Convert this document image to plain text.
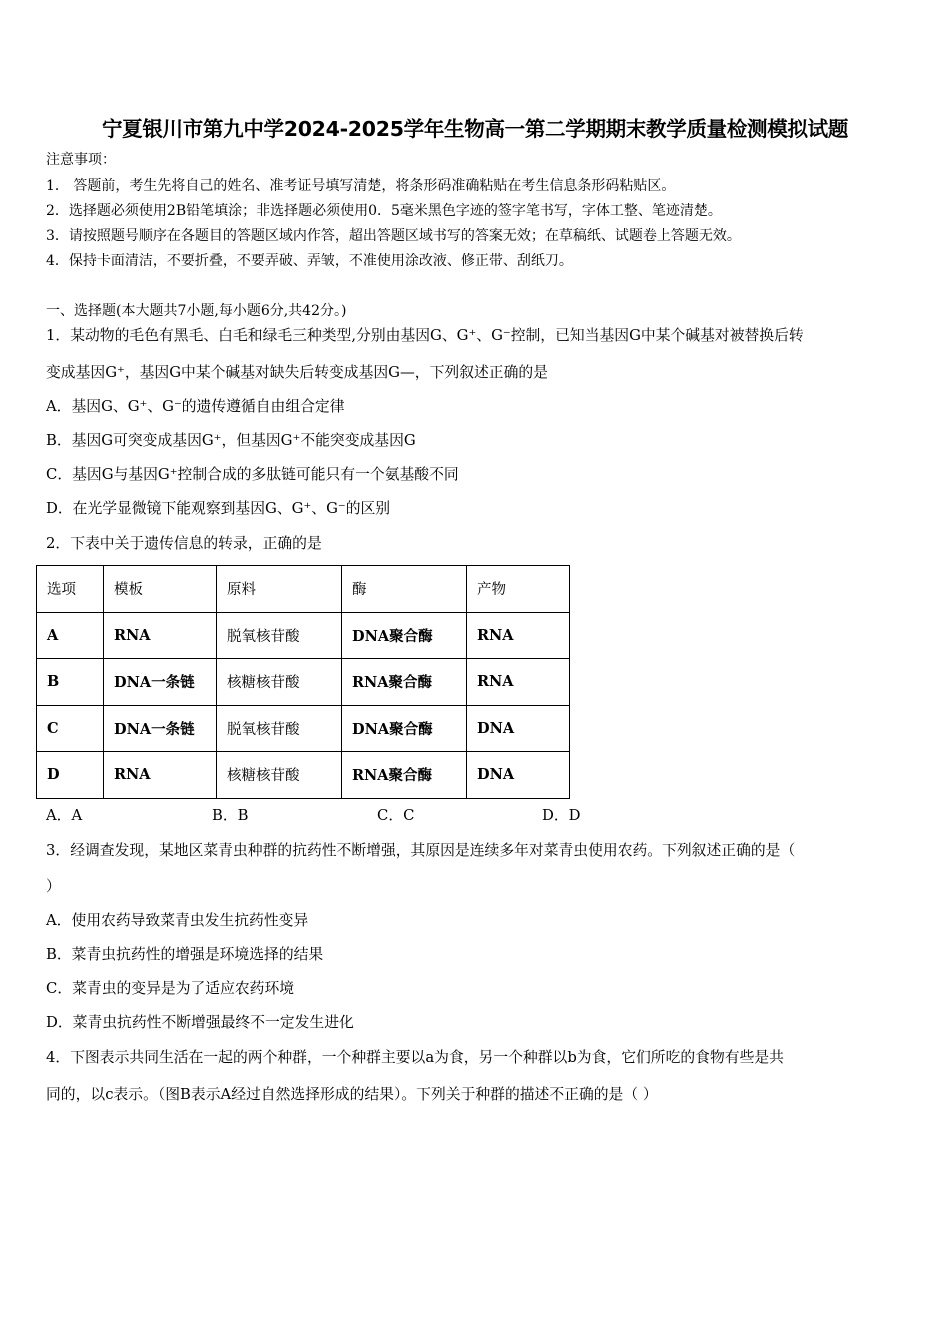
宁夏银川市第九中学2024-2025学年生物高一第二学期期末教学质量检测模拟试题
注意事项：
1． 答题前，考生先将自己的姓名、准考证号填写清楚，将条形码准确粘贴在考生信息条形码粘贴区。
2．选择题必须使用2B铅笔填涂；非选择题必须使用0．5毫米黑色字迹的签字笔书写，字体工整、笔迹清楚。
3．请按照题号顺序在各题目的答题区域内作答，超出答题区域书写的答案无效；在草稿纸、试题卷上答题无效。
4．保持卡面清洁，不要折叠，不要弄破、弄皱，不准使用涂改液、修正带、刮纸刀。
一、选择题(本大题共7小题,每小题6分,共42分。)
1．某动物的毛色有黑毛、白毛和绿毛三种类型,分别由基因G、G⁺、G⁻控制，已知当基因G中某个碱基对被替换后转
变成基因G⁺，基因G中某个碱基对缺失后转变成基因G—，下列叙述正确的是
A．基因G、G⁺、G⁻的遗传遵循自由组合定律
B．基因G可突变成基因G⁺，但基因G⁺不能突变成基因G
C．基因G与基因G⁺控制合成的多肽链可能只有一个氨基酸不同
D．在光学显微镜下能观察到基因G、G⁺、G⁻的区别
2．下表中关于遗传信息的转录，正确的是
选项	模板	原料	酶	产物
A	RNA	脱氧核苷酸	DNA聚合酶	RNA
B	DNA一条链	核糖核苷酸	RNA聚合酶	RNA
C	DNA一条链	脱氧核苷酸	DNA聚合酶	DNA
D	RNA	核糖核苷酸	RNA聚合酶	DNA
A．A	B．B	C．C	D．D
3．经调查发现，某地区菜青虫种群的抗药性不断增强，其原因是连续多年对菜青虫使用农药。下列叙述正确的是（
）
A．使用农药导致菜青虫发生抗药性变异
B．菜青虫抗药性的增强是环境选择的结果
C．菜青虫的变异是为了适应农药环境
D．菜青虫抗药性不断增强最终不一定发生进化
4．下图表示共同生活在一起的两个种群，一个种群主要以a为食，另一个种群以b为食，它们所吃的食物有些是共
同的，以c表示。（图B表示A经过自然选择形成的结果）。下列关于种群的描述不正确的是（ ）
